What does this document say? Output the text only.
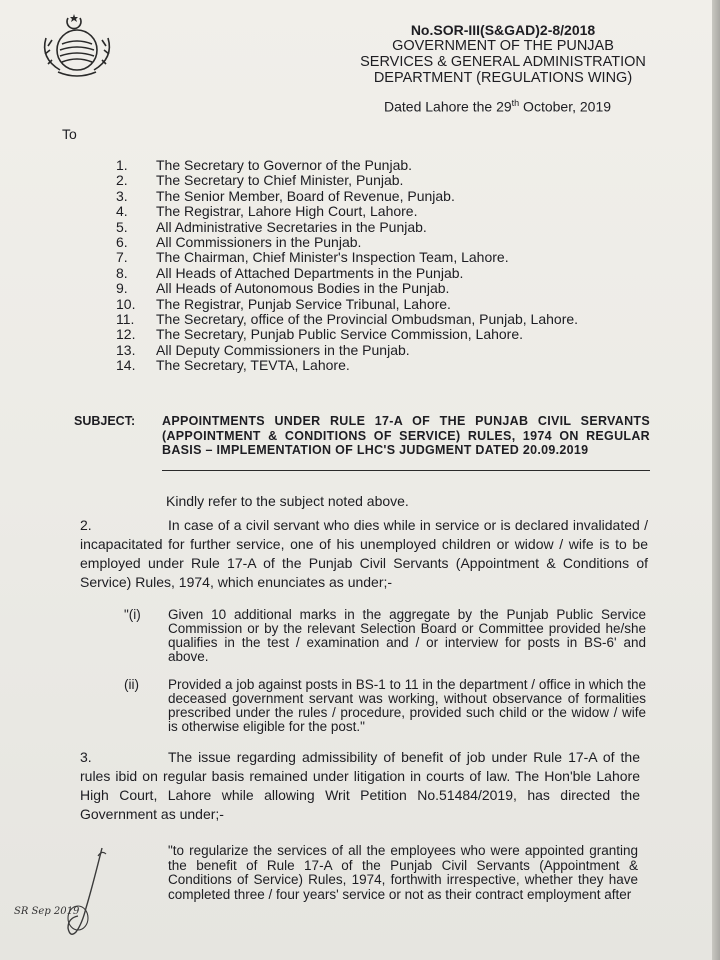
No.SOR-III(S&GAD)2-8/2018
GOVERNMENT OF THE PUNJAB
SERVICES & GENERAL ADMINISTRATION
DEPARTMENT (REGULATIONS WING)
Dated Lahore the 29th October, 2019
To
1. The Secretary to Governor of the Punjab.
2. The Secretary to Chief Minister, Punjab.
3. The Senior Member, Board of Revenue, Punjab.
4. The Registrar, Lahore High Court, Lahore.
5. All Administrative Secretaries in the Punjab.
6. All Commissioners in the Punjab.
7. The Chairman, Chief Minister's Inspection Team, Lahore.
8. All Heads of Attached Departments in the Punjab.
9. All Heads of Autonomous Bodies in the Punjab.
10. The Registrar, Punjab Service Tribunal, Lahore.
11. The Secretary, office of the Provincial Ombudsman, Punjab, Lahore.
12. The Secretary, Punjab Public Service Commission, Lahore.
13. All Deputy Commissioners in the Punjab.
14. The Secretary, TEVTA, Lahore.
SUBJECT: APPOINTMENTS UNDER RULE 17-A OF THE PUNJAB CIVIL SERVANTS (APPOINTMENT & CONDITIONS OF SERVICE) RULES, 1974 ON REGULAR BASIS – IMPLEMENTATION OF LHC'S JUDGMENT DATED 20.09.2019
Kindly refer to the subject noted above.
2.	In case of a civil servant who dies while in service or is declared invalidated / incapacitated for further service, one of his unemployed children or widow / wife is to be employed under Rule 17-A of the Punjab Civil Servants (Appointment & Conditions of Service) Rules, 1974, which enunciates as under;-
"(i) Given 10 additional marks in the aggregate by the Punjab Public Service Commission or by the relevant Selection Board or Committee provided he/she qualifies in the test / examination and / or interview for posts in BS-6' and above.
(ii) Provided a job against posts in BS-1 to 11 in the department / office in which the deceased government servant was working, without observance of formalities prescribed under the rules / procedure, provided such child or the widow / wife is otherwise eligible for the post."
3.	The issue regarding admissibility of benefit of job under Rule 17-A of the rules ibid on regular basis remained under litigation in courts of law. The Hon'ble Lahore High Court, Lahore while allowing Writ Petition No.51484/2019, has directed the Government as under;-
"to regularize the services of all the employees who were appointed granting the benefit of Rule 17-A of the Punjab Civil Servants (Appointment & Conditions of Service) Rules, 1974, forthwith irrespective, whether they have completed three / four years' service or not as their contract employment after
SR Sep 2019
